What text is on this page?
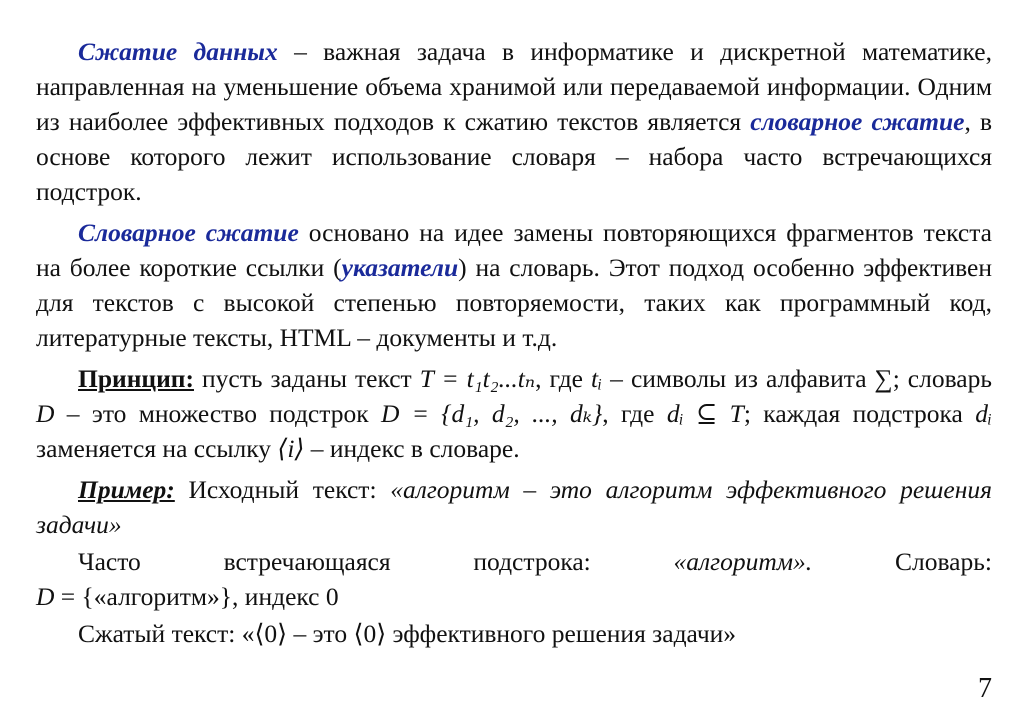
Сжатие данных – важная задача в информатике и дискретной математике, направленная на уменьшение объема хранимой или передаваемой информации. Одним из наиболее эффективных подходов к сжатию текстов является словарное сжатие, в основе которого лежит использование словаря – набора часто встречающихся подстрок.

Словарное сжатие основано на идее замены повторяющихся фрагментов текста на более короткие ссылки (указатели) на словарь. Этот подход особенно эффективен для текстов с высокой степенью повторяемости, таких как программный код, литературные тексты, HTML – документы и т.д.

Принцип: пусть заданы текст T = t₁t₂...tₙ, где tᵢ – символы из алфавита ∑; словарь D – это множество подстрок D = {d₁, d₂, ..., dₖ}, где dᵢ ⊆ T; каждая подстрока dᵢ заменяется на ссылку ⟨i⟩ – индекс в словаре.

Пример: Исходный текст: «алгоритм – это алгоритм эффективного решения задачи»

Часто	встречающаяся	подстрока:	«алгоритм».	Словарь:
D = {«алгоритм»}, индекс 0
Сжатый текст: «⟨0⟩ – это ⟨0⟩ эффективного решения задачи»
7
